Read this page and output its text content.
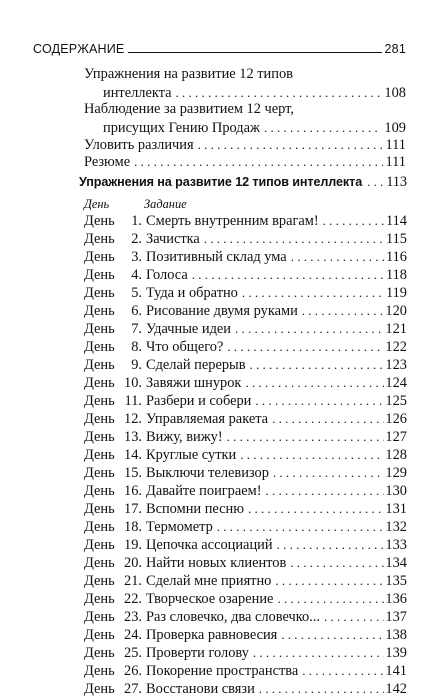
СОДЕРЖАНИЕ	281
Упражнения на развитие 12 типов
интеллекта . . .	108
Наблюдение за развитием 12 черт,
присущих Гению Продаж . . .	109
Уловить различия . . .	111
Резюме . . .	111
Упражнения на развитие 12 типов интеллекта . . . 113
День	Задание
День	1. Смерть внутренним врагам! . . .	114
День	2. Зачистка . . .	115
День	3. Позитивный склад ума . . .	116
День	4. Голоса . . .	118
День	5. Туда и обратно . . .	119
День	6. Рисование двумя руками . . .	120
День	7. Удачные идеи . . .	121
День	8. Что общего? . . .	122
День	9. Сделай перерыв . . .	123
День 10. Завяжи шнурок . . .	124
День 11. Разбери и собери . . .	125
День 12. Управляемая ракета . . .	126
День 13. Вижу, вижу! . . .	127
День 14. Круглые сутки . . .	128
День 15. Выключи телевизор . . .	129
День 16. Давайте поиграем! . . .	130
День 17. Вспомни песню . . .	131
День 18. Термометр . . .	132
День 19. Цепочка ассоциаций . . .	133
День 20. Найти новых клиентов . . .	134
День 21. Сделай мне приятно . . .	135
День 22. Творческое озарение . . .	136
День 23. Раз словечко, два словечко... . . .	137
День 24. Проверка равновесия . . .	138
День 25. Проверти голову . . .	139
День 26. Покорение пространства . . .	141
День 27. Восстанови связи . . .	142
